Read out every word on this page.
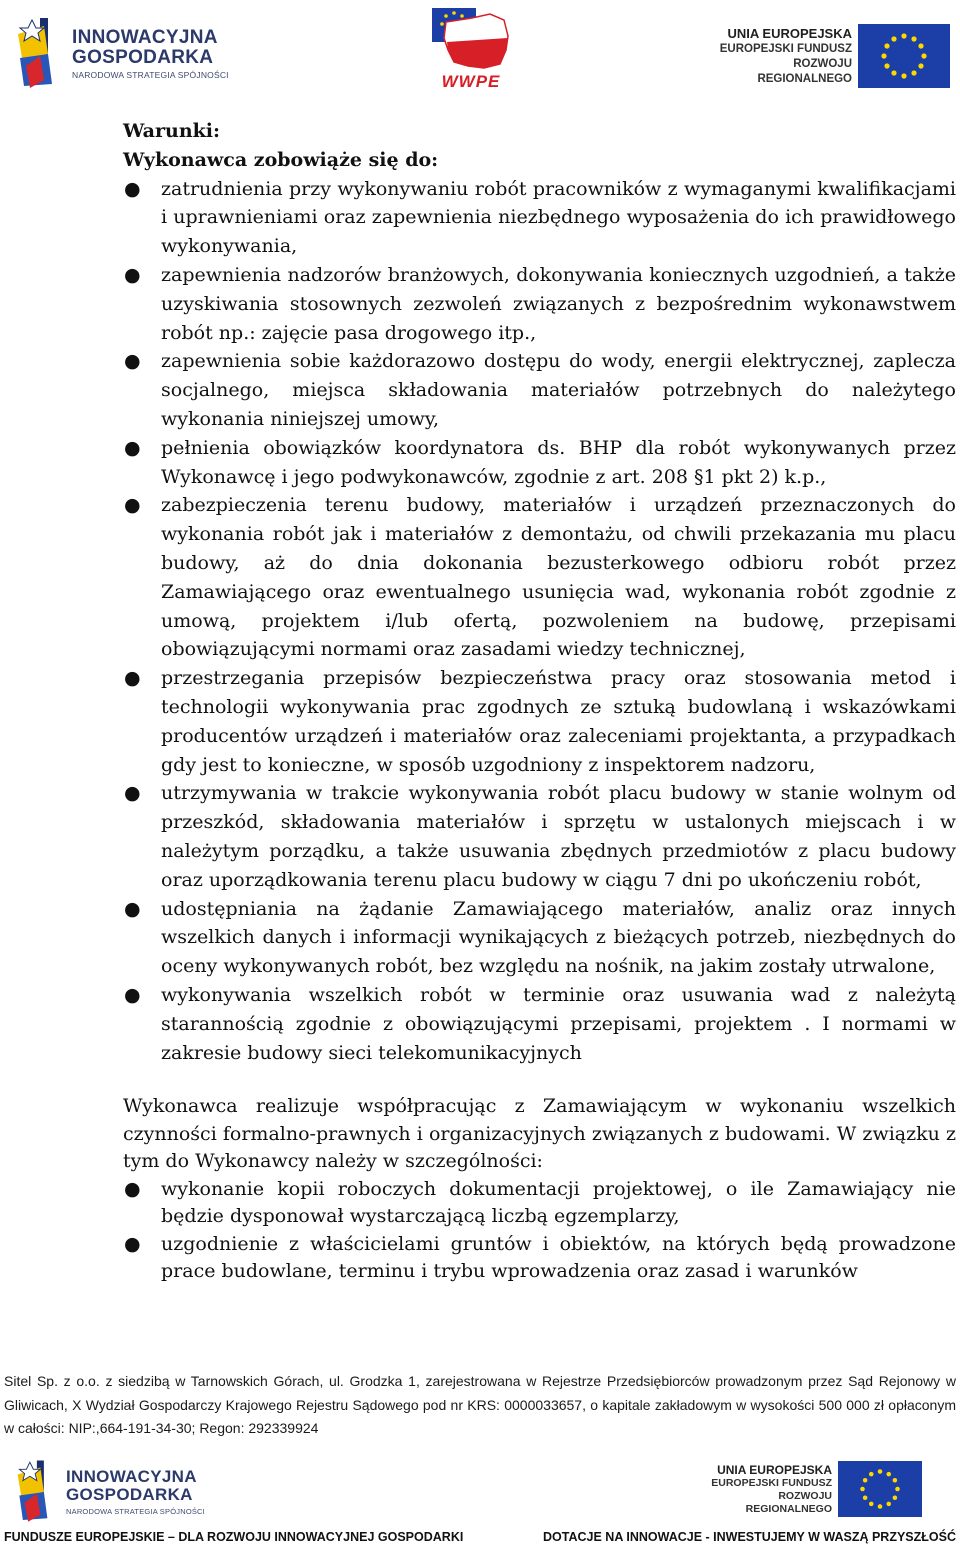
INNOWACYJNA
GOSPODARKA
NARODOWA STRATEGIA SPÓJNOŚCI	WWPE
UNIA EUROPEJSKA
EUROPEJSKI FUNDUSZ
ROZWOJU REGIONALNEGO
Warunki:
Wykonawca zobowiąże się do:
● zatrudnienia przy wykonywaniu robót pracowników z wymaganymi kwalifikacjami i uprawnieniami oraz zapewnienia niezbędnego wyposażenia do ich prawidłowego wykonywania,
● zapewnienia nadzorów branżowych, dokonywania koniecznych uzgodnień, a także uzyskiwania stosownych zezwoleń związanych z bezpośrednim wykonawstwem robót np.: zajęcie pasa drogowego itp.,
● zapewnienia sobie każdorazowo dostępu do wody, energii elektrycznej, zaplecza socjalnego, miejsca składowania materiałów potrzebnych do należytego wykonania niniejszej umowy,
● pełnienia obowiązków koordynatora ds. BHP dla robót wykonywanych przez Wykonawcę i jego podwykonawców, zgodnie z art. 208 §1 pkt 2) k.p.,
● zabezpieczenia terenu budowy, materiałów i urządzeń przeznaczonych do wykonania robót jak i materiałów z demontażu, od chwili przekazania mu placu budowy, aż do dnia dokonania bezusterkowego odbioru robót przez Zamawiającego oraz ewentualnego usunięcia wad, wykonania robót zgodnie z umową, projektem i/lub ofertą, pozwoleniem na budowę, przepisami obowiązującymi normami oraz zasadami wiedzy technicznej,
● przestrzegania przepisów bezpieczeństwa pracy oraz stosowania metod i technologii wykonywania prac zgodnych ze sztuką budowlaną i wskazówkami producentów urządzeń i materiałów oraz zaleceniami projektanta, a przypadkach gdy jest to konieczne, w sposób uzgodniony z inspektorem nadzoru,
● utrzymywania w trakcie wykonywania robót placu budowy w stanie wolnym od przeszkód, składowania materiałów i sprzętu w ustalonych miejscach i w należytym porządku, a także usuwania zbędnych przedmiotów z placu budowy oraz uporządkowania terenu placu budowy w ciągu 7 dni po ukończeniu robót,
● udostępniania na żądanie Zamawiającego materiałów, analiz oraz innych wszelkich danych i informacji wynikających z bieżących potrzeb, niezbędnych do oceny wykonywanych robót, bez względu na nośnik, na jakim zostały utrwalone,
● wykonywania wszelkich robót w terminie oraz usuwania wad z należytą starannością zgodnie z obowiązującymi przepisami, projektem . I normami w zakresie budowy sieci telekomunikacyjnych
Wykonawca realizuje współpracując z Zamawiającym w wykonaniu wszelkich czynności formalno-prawnych i organizacyjnych związanych z budowami. W związku z tym do Wykonawcy należy w szczególności:
● wykonanie kopii roboczych dokumentacji projektowej, o ile Zamawiający nie będzie dysponował wystarczającą liczbą egzemplarzy,
● uzgodnienie z właścicielami gruntów i obiektów, na których będą prowadzone prace budowlane, terminu i trybu wprowadzenia oraz zasad i warunków
Sitel Sp. z o.o. z siedzibą w Tarnowskich Górach, ul. Grodzka 1, zarejestrowana w Rejestrze Przedsiębiorców prowadzonym przez Sąd Rejonowy w Gliwicach, X Wydział Gospodarczy Krajowego Rejestru Sądowego pod nr KRS: 0000033657, o kapitale zakładowym w wysokości 500 000 zł opłaconym w całości: NIP:,664-191-34-30; Regon: 292339924
INNOWACYJNA
GOSPODARKA
NARODOWA STRATEGIA SPÓJNOŚCI
UNIA EUROPEJSKA
EUROPEJSKI FUNDUSZ
ROZWOJU REGIONALNEGO
FUNDUSZE EUROPEJSKIE – DLA ROZWOJU INNOWACYJNEJ GOSPODARKI	DOTACJE NA INNOWACJE - INWESTUJEMY W WASZĄ PRZYSZŁOŚĆ
